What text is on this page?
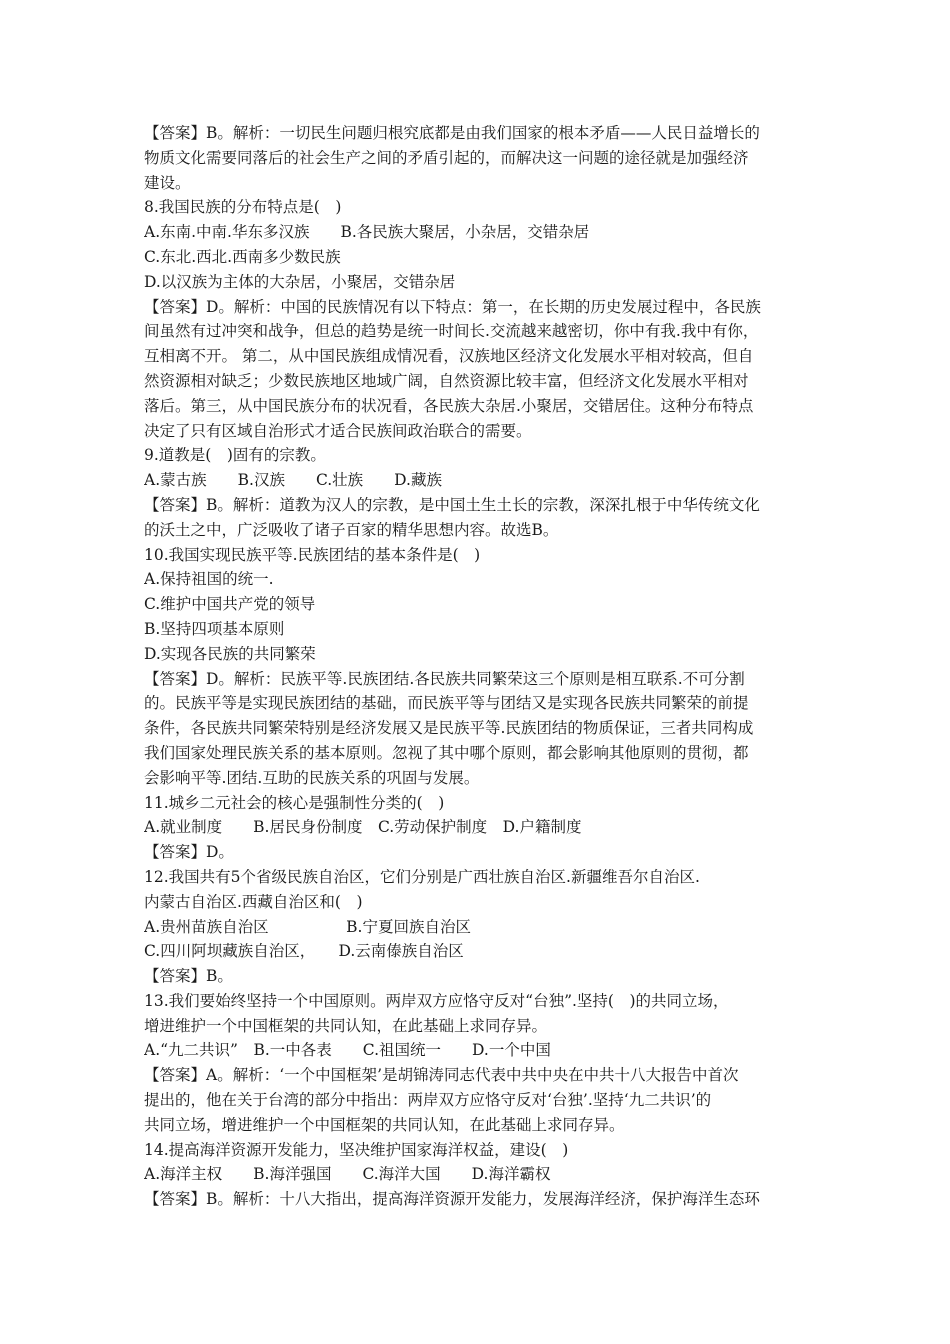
【答案】B。解析：一切民生问题归根究底都是由我们国家的根本矛盾——人民日益增长的
物质文化需要同落后的社会生产之间的矛盾引起的，而解决这一问题的途径就是加强经济
建设。
8.我国民族的分布特点是(　)
A.东南.中南.华东多汉族　　B.各民族大聚居，小杂居，交错杂居
C.东北.西北.西南多少数民族
D.以汉族为主体的大杂居，小聚居，交错杂居
【答案】D。解析：中国的民族情况有以下特点：第一，在长期的历史发展过程中，各民族
间虽然有过冲突和战争，但总的趋势是统一时间长.交流越来越密切，你中有我.我中有你，
互相离不开。 第二，从中国民族组成情况看，汉族地区经济文化发展水平相对较高，但自
然资源相对缺乏；少数民族地区地域广阔，自然资源比较丰富，但经济文化发展水平相对
落后。第三，从中国民族分布的状况看，各民族大杂居.小聚居，交错居住。这种分布特点
决定了只有区域自治形式才适合民族间政治联合的需要。
9.道教是(　)固有的宗教。
A.蒙古族　　B.汉族　　C.壮族　　D.藏族
【答案】B。解析：道教为汉人的宗教，是中国土生土长的宗教，深深扎根于中华传统文化
的沃土之中，广泛吸收了诸子百家的精华思想内容。故选B。
10.我国实现民族平等.民族团结的基本条件是(　)
A.保持祖国的统一.
C.维护中国共产党的领导
B.坚持四项基本原则
D.实现各民族的共同繁荣
【答案】D。解析：民族平等.民族团结.各民族共同繁荣这三个原则是相互联系.不可分割
的。民族平等是实现民族团结的基础，而民族平等与团结又是实现各民族共同繁荣的前提
条件，各民族共同繁荣特别是经济发展又是民族平等.民族团结的物质保证，三者共同构成
我们国家处理民族关系的基本原则。忽视了其中哪个原则，都会影响其他原则的贯彻，都
会影响平等.团结.互助的民族关系的巩固与发展。
11.城乡二元社会的核心是强制性分类的(　)
A.就业制度　　B.居民身份制度　C.劳动保护制度　D.户籍制度
【答案】D。
12.我国共有5个省级民族自治区，它们分别是广西壮族自治区.新疆维吾尔自治区.
内蒙古自治区.西藏自治区和(　)
A.贵州苗族自治区　　　　　B.宁夏回族自治区
C.四川阿坝藏族自治区，　　D.云南傣族自治区
【答案】B。
13.我们要始终坚持一个中国原则。两岸双方应恪守反对“台独”.坚持(　)的共同立场，
增进维护一个中国框架的共同认知，在此基础上求同存异。
A.“九二共识”　B.一中各表　　C.祖国统一　　D.一个中国
【答案】A。解析：‘一个中国框架’是胡锦涛同志代表中共中央在中共十八大报告中首次
提出的，他在关于台湾的部分中指出：两岸双方应恪守反对‘台独’.坚持‘九二共识’的
共同立场，增进维护一个中国框架的共同认知，在此基础上求同存异。
14.提高海洋资源开发能力，坚决维护国家海洋权益，建设(　)
A.海洋主权　　B.海洋强国　　C.海洋大国　　D.海洋霸权
【答案】B。解析：十八大指出，提高海洋资源开发能力，发展海洋经济，保护海洋生态环
